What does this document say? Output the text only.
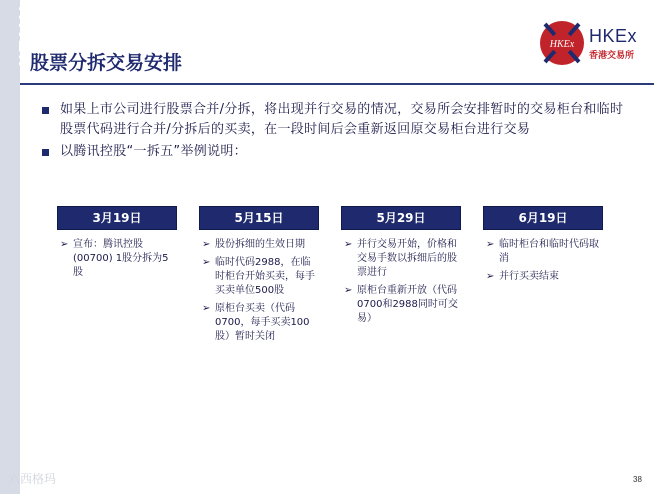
HKEx	HKEx HKEx
香港交易所
股票分拆交易安排
如果上市公司进行股票合并/分拆，将出现并行交易的情况，交易所会安排暂时的交易柜台和临时股票代码进行合并/分拆后的买卖，在一段时间后会重新返回原交易柜台进行交易
以腾讯控股“一拆五”举例说明：
3月19日
➢ 宣布：腾讯控股(00700) 1股分拆为5股
5月15日
➢ 股份拆细的生效日期
➢ 临时代码2988，在临时柜台开始买卖，每手买卖单位500股
➢ 原柜台买卖（代码0700，每手买卖100股）暂时关闭
5月29日
➢ 并行交易开始，价格和交易手数以拆细后的股票进行
➢ 原柜台重新开放（代码0700和2988同时可交易）
6月19日
➢ 临时柜台和临时代码取消
➢ 并行买卖结束
六西格玛	38
